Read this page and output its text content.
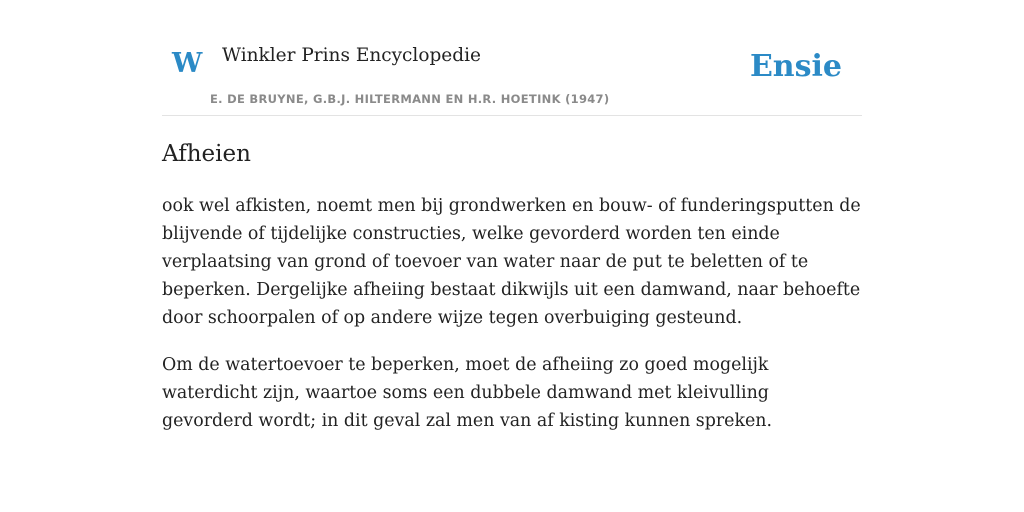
W Winkler Prins Encyclopedie
E. DE BRUYNE, G.B.J. HILTERMANN EN H.R. HOETINK (1947)
Ensie
Afheien

ook wel afkisten, noemt men bij grondwerken en bouw- of funderingsputten de blijvende of tijdelijke constructies, welke gevorderd worden ten einde verplaatsing van grond of toevoer van water naar de put te beletten of te beperken. Dergelijke afheiing bestaat dikwijls uit een damwand, naar behoefte door schoorpalen of op andere wijze tegen overbuiging gesteund.

Om de watertoevoer te beperken, moet de afheiing zo goed mogelijk waterdicht zijn, waartoe soms een dubbele damwand met kleivulling gevorderd wordt; in dit geval zal men van af kisting kunnen spreken.
